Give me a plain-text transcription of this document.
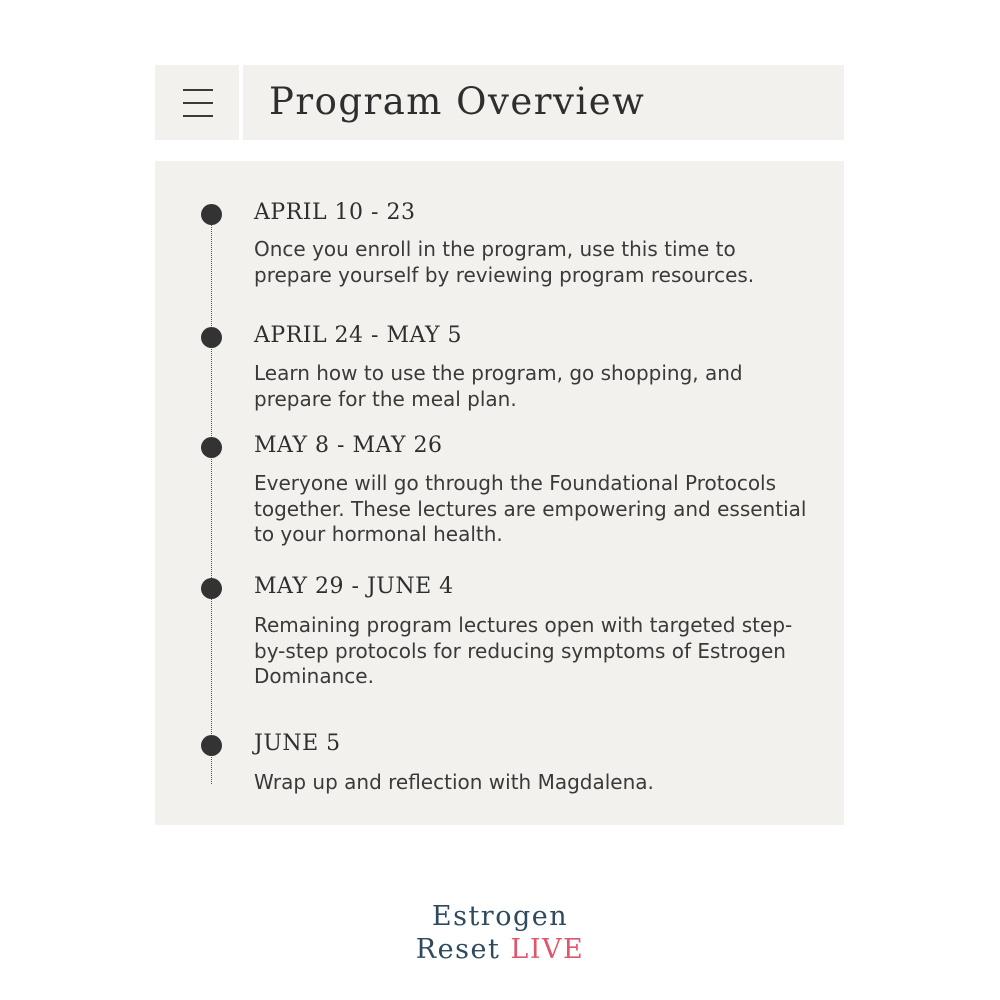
Program Overview
APRIL 10 - 23

Once you enroll in the program, use this time to prepare yourself by reviewing program resources.

APRIL 24 - MAY 5

Learn how to use the program, go shopping, and prepare for the meal plan.

MAY 8 - MAY 26

Everyone will go through the Foundational Protocols together. These lectures are empowering and essential to your hormonal health.

MAY 29 - JUNE 4

Remaining program lectures open with targeted step-by-step protocols for reducing symptoms of Estrogen Dominance.

JUNE 5

Wrap up and reflection with Magdalena.

Estrogen
Reset LIVE
